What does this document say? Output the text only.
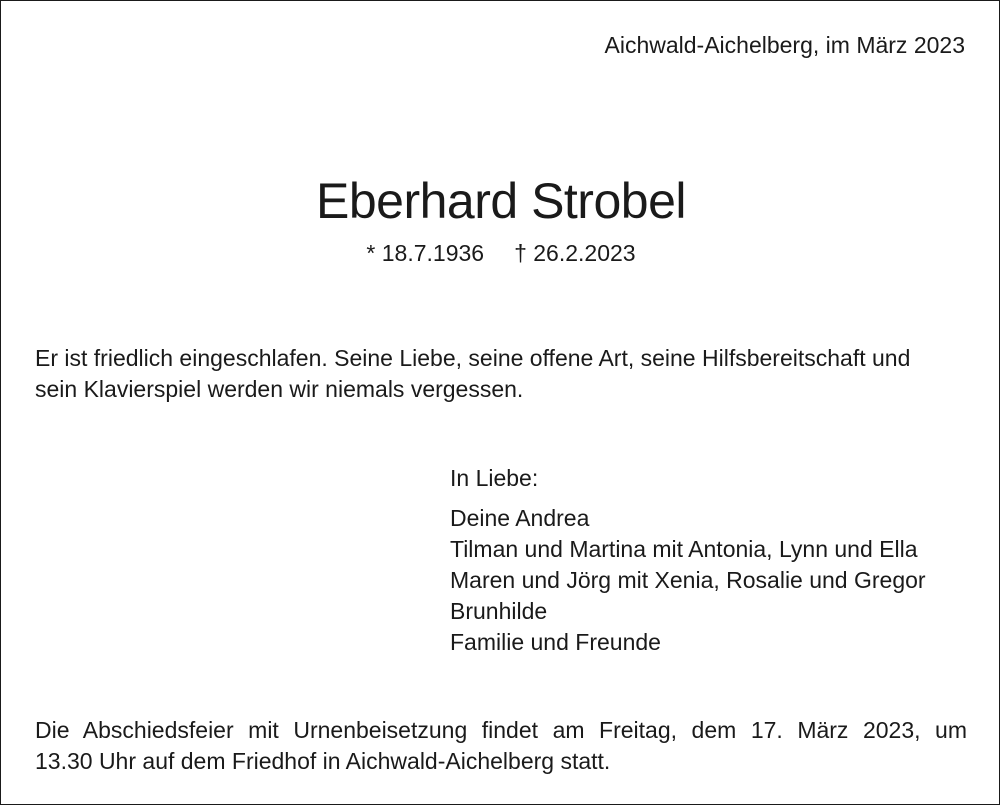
Aichwald-Aichelberg, im März 2023
Eberhard Strobel
* 18.7.1936 † 26.2.2023

Er ist friedlich eingeschlafen. Seine Liebe, seine offene Art, seine Hilfsbereitschaft und

sein Klavierspiel werden wir niemals vergessen.

In Liebe:
Deine Andrea
Tilman und Martina mit Antonia, Lynn und Ella
Maren und Jörg mit Xenia, Rosalie und Gregor
Brunhilde
Familie und Freunde

Die Abschiedsfeier mit Urnenbeisetzung findet am Freitag, dem 17. März 2023, um

13.30 Uhr auf dem Friedhof in Aichwald-Aichelberg statt.
